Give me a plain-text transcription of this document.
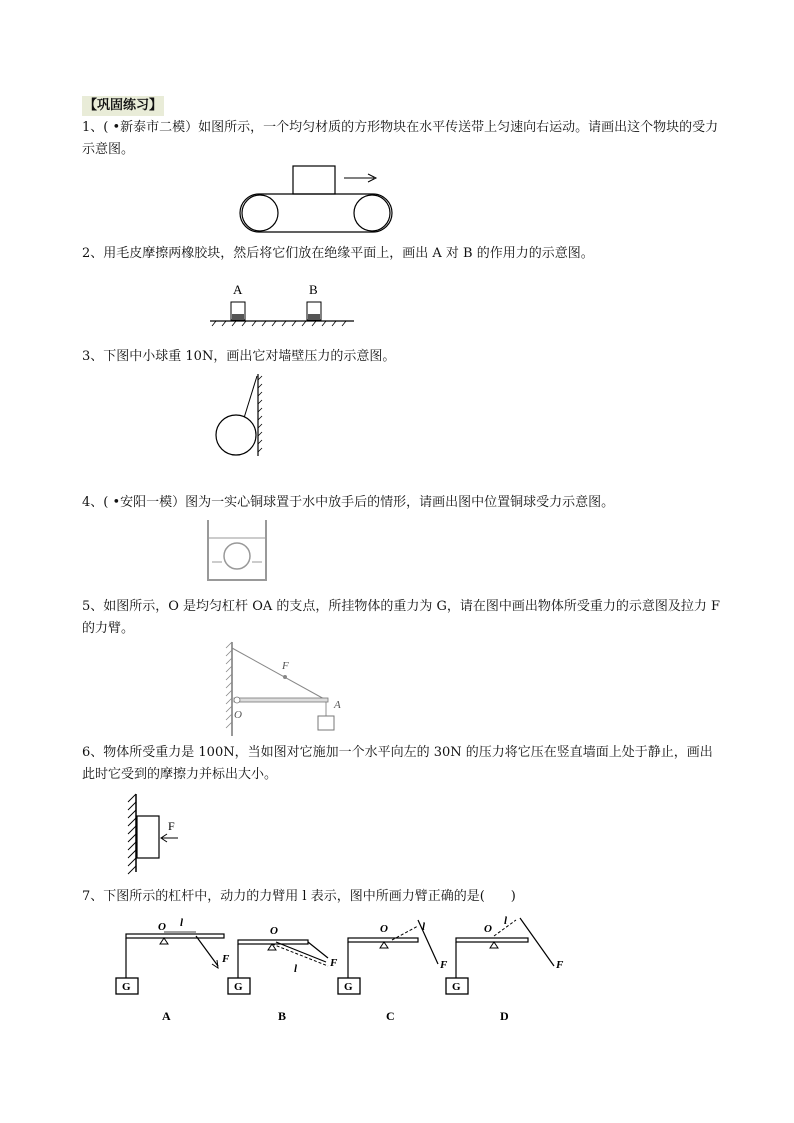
【巩固练习】
1、( •新泰市二模）如图所示，一个均匀材质的方形物块在水平传送带上匀速向右运动。请画出这个物块的受力示意图。
2、用毛皮摩擦两橡胶块，然后将它们放在绝缘平面上，画出 A 对 B 的作用力的示意图。
A	B
3、下图中小球重 10N，画出它对墙壁压力的示意图。
4、( •安阳一模）图为一实心铜球置于水中放手后的情形，请画出图中位置铜球受力示意图。
5、如图所示，O 是均匀杠杆 OA 的支点，所挂物体的重力为 G，请在图中画出物体所受重力的示意图及拉力 F 的力臂。
F
O
A
6、物体所受重力是 100N，当如图对它施加一个水平向左的 30N 的压力将它压在竖直墙面上处于静止，画出此时它受到的摩擦力并标出大小。
F
7、下图所示的杠杆中，动力的力臂用 l 表示，图中所画力臂正确的是(　　)
G
O l
F
G
O
l	F
G
O	l
F
G
O
l
F
A	B	C	D
